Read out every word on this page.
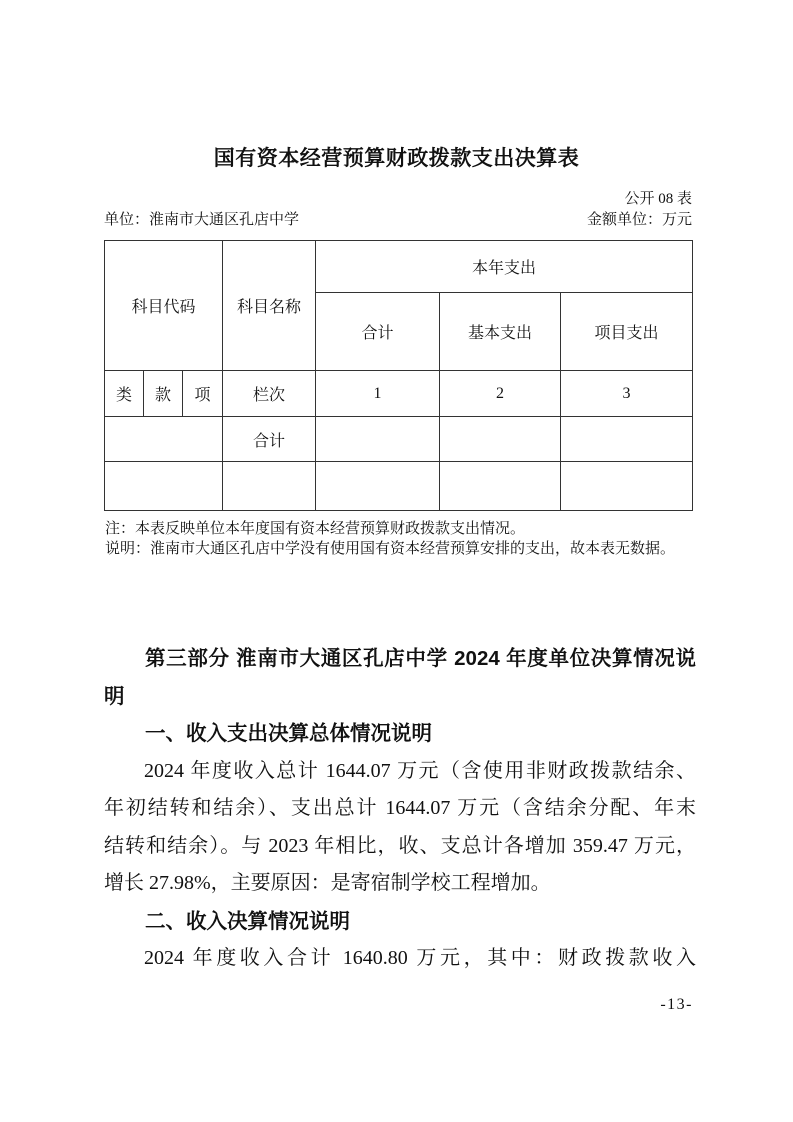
国有资本经营预算财政拨款支出决算表
公开 08 表
单位：淮南市大通区孔店中学	金额单位：万元
科目代码			科目名称	本年支出		
				合计	基本支出	项目支出
类	款	项	栏次	1	2	3
			合计			

注：本表反映单位本年度国有资本经营预算财政拨款支出情况。
说明：淮南市大通区孔店中学没有使用国有资本经营预算安排的支出，故本表无数据。
第三部分 淮南市大通区孔店中学 2024 年度单位决算情况说
明
一、收入支出决算总体情况说明
2024 年度收入总计 1644.07 万元（含使用非财政拨款结余、
年初结转和结余）、支出总计 1644.07 万元（含结余分配、年末
结转和结余）。与 2023 年相比，收、支总计各增加 359.47 万元，
增长 27.98%，主要原因：是寄宿制学校工程增加。
二、收入决算情况说明
2024 年度收入合计 1640.80 万元，其中：财政拨款收入
-13-
